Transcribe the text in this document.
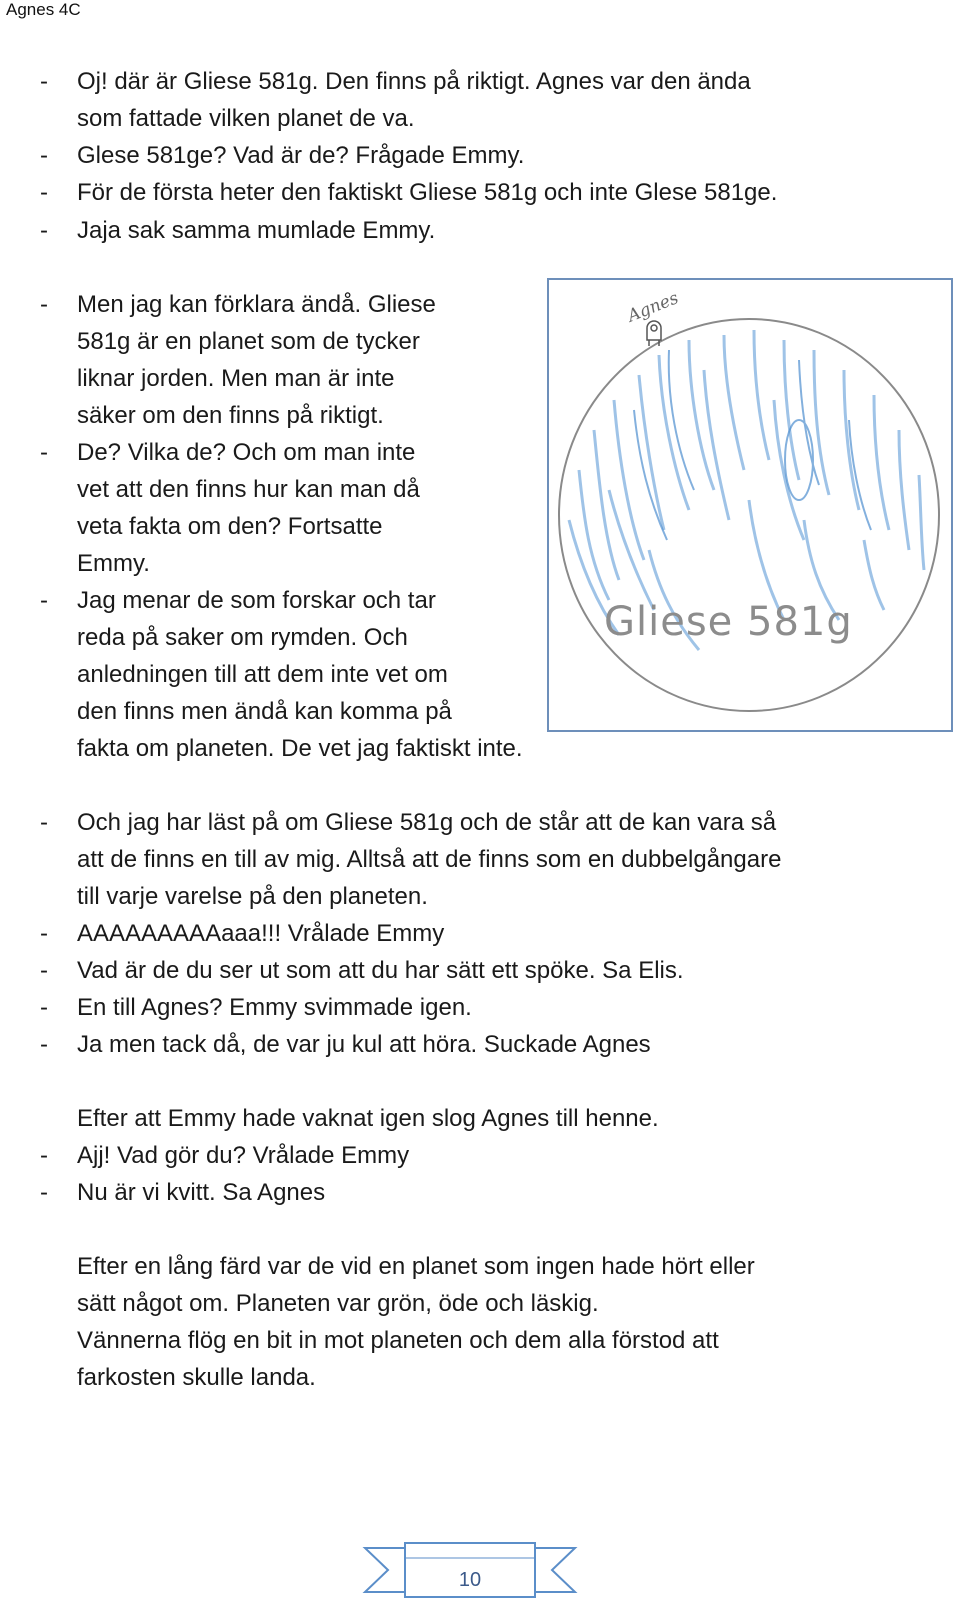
Agnes 4C
- Oj! där är Gliese 581g. Den finns på riktigt. Agnes var den ända
som fattade vilken planet de va.
- Glese 581ge? Vad är de? Frågade Emmy.
- För de första heter den faktiskt Gliese 581g och inte Glese 581ge.
- Jaja sak samma mumlade Emmy.
- Men jag kan förklara ändå. Gliese
581g är en planet som de tycker
liknar jorden. Men man är inte
säker om den finns på riktigt.
- De? Vilka de? Och om man inte
vet att den finns hur kan man då
veta fakta om den? Fortsatte
Emmy.
- Jag menar de som forskar och tar
reda på saker om rymden. Och
anledningen till att dem inte vet om
den finns men ändå kan komma på
fakta om planeten. De vet jag faktiskt inte.
- Och jag har läst på om Gliese 581g och de står att de kan vara så
att de finns en till av mig. Alltså att de finns som en dubbelgångare
till varje varelse på den planeten.
- AAAAAAAAAaaa!!! Vrålade Emmy
- Vad är de du ser ut som att du har sätt ett spöke. Sa Elis.
- En till Agnes? Emmy svimmade igen.
- Ja men tack då, de var ju kul att höra. Suckade Agnes
Efter att Emmy hade vaknat igen slog Agnes till henne.
- Ajj! Vad gör du? Vrålade Emmy
- Nu är vi kvitt. Sa Agnes
Efter en lång färd var de vid en planet som ingen hade hört eller
sätt något om. Planeten var grön, öde och läskig.
Vännerna flög en bit in mot planeten och dem alla förstod att
farkosten skulle landa.
Agnes
Gliese 581g
10
